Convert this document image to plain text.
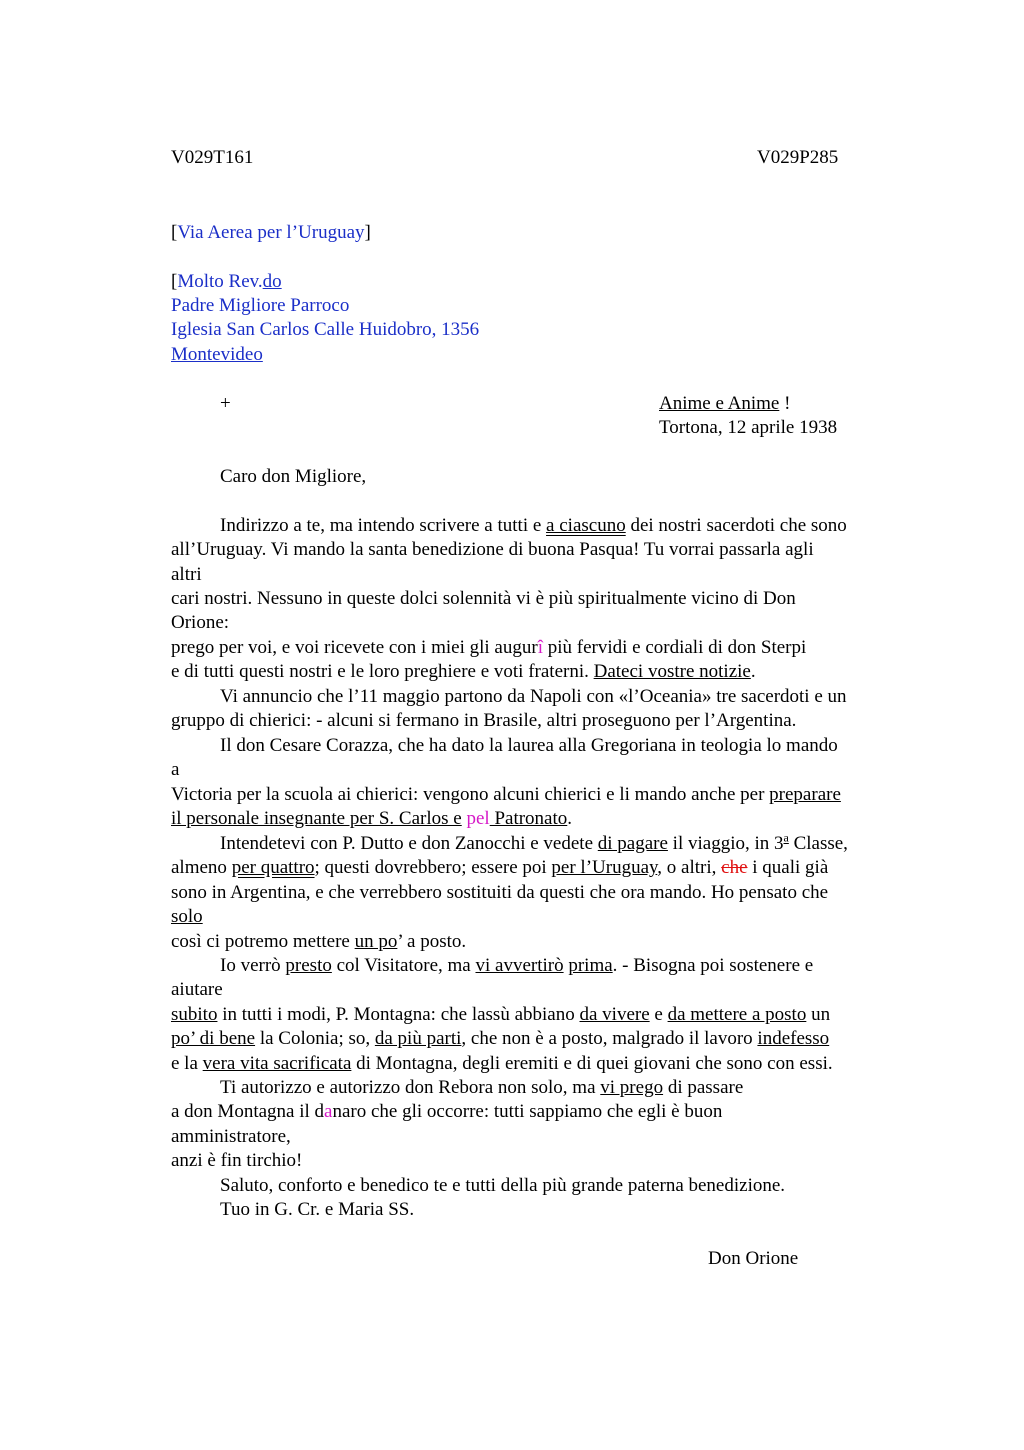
V029T161	V029P285
[Via Aerea per l’Uruguay]
[Molto Rev.do
Padre Migliore Parroco
Iglesia San Carlos Calle Huidobro, 1356
Montevideo
+	Anime e Anime !
Tortona, 12 aprile 1938
Caro don Migliore,
Indirizzo a te, ma intendo scrivere a tutti e a ciascuno dei nostri sacerdoti che sono
all’Uruguay. Vi mando la santa benedizione di buona Pasqua! Tu vorrai passarla agli
altri
cari nostri. Nessuno in queste dolci solennità vi è più spiritualmente vicino di Don
Orione:
prego per voi, e voi ricevete con i miei gli augurî più fervidi e cordiali di don Sterpi
e di tutti questi nostri e le loro preghiere e voti fraterni. Dateci vostre notizie.
Vi annuncio che l’11 maggio partono da Napoli con «l’Oceania» tre sacerdoti e un
gruppo di chierici: - alcuni si fermano in Brasile, altri proseguono per l’Argentina.
Il don Cesare Corazza, che ha dato la laurea alla Gregoriana in teologia lo mando
a
Victoria per la scuola ai chierici: vengono alcuni chierici e li mando anche per preparare
il personale insegnante per S. Carlos e pel Patronato.
Intendetevi con P. Dutto e don Zanocchi e vedete di pagare il viaggio, in 3$^a$ Classe,
almeno per quattro; questi dovrebbero; essere poi per l’Uruguay, o altri, che i quali già
sono in Argentina, e che verrebbero sostituiti da questi che ora mando. Ho pensato che
solo
così ci potremo mettere un po’ a posto.
Io verrò presto col Visitatore, ma vi avvertirò prima. - Bisogna poi sostenere e
aiutare
subito in tutti i modi, P. Montagna: che lassù abbiano da vivere e da mettere a posto un
po’ di bene la Colonia; so, da più parti, che non è a posto, malgrado il lavoro indefesso
e la vera vita sacrificata di Montagna, degli eremiti e di quei giovani che sono con essi.
Ti autorizzo e autorizzo don Rebora non solo, ma vi prego di passare
a don Montagna il danaro che gli occorre: tutti sappiamo che egli è buon
amministratore,
anzi è fin tirchio!
Saluto, conforto e benedico te e tutti della più grande paterna benedizione.
Tuo in G. Cr. e Maria SS.
Don Orione
